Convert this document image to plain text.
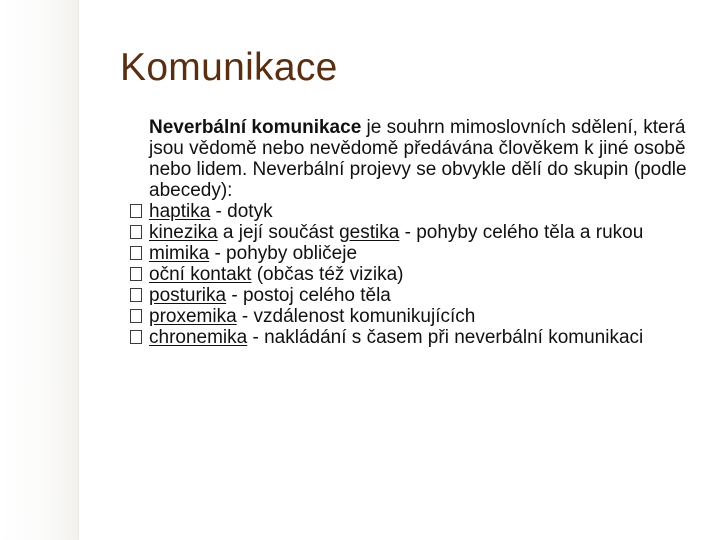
Komunikace

Neverbální komunikace je souhrn mimoslovních sdělení, která jsou vědomě nebo nevědomě předávána člověkem k jiné osobě nebo lidem. Neverbální projevy se obvykle dělí do skupin (podle abecedy):

haptika - dotyk

kinezika a její součást gestika - pohyby celého těla a rukou

mimika - pohyby obličeje

oční kontakt (občas též vizika)

posturika - postoj celého těla

proxemika - vzdálenost komunikujících

chronemika - nakládání s časem při neverbální komunikaci
